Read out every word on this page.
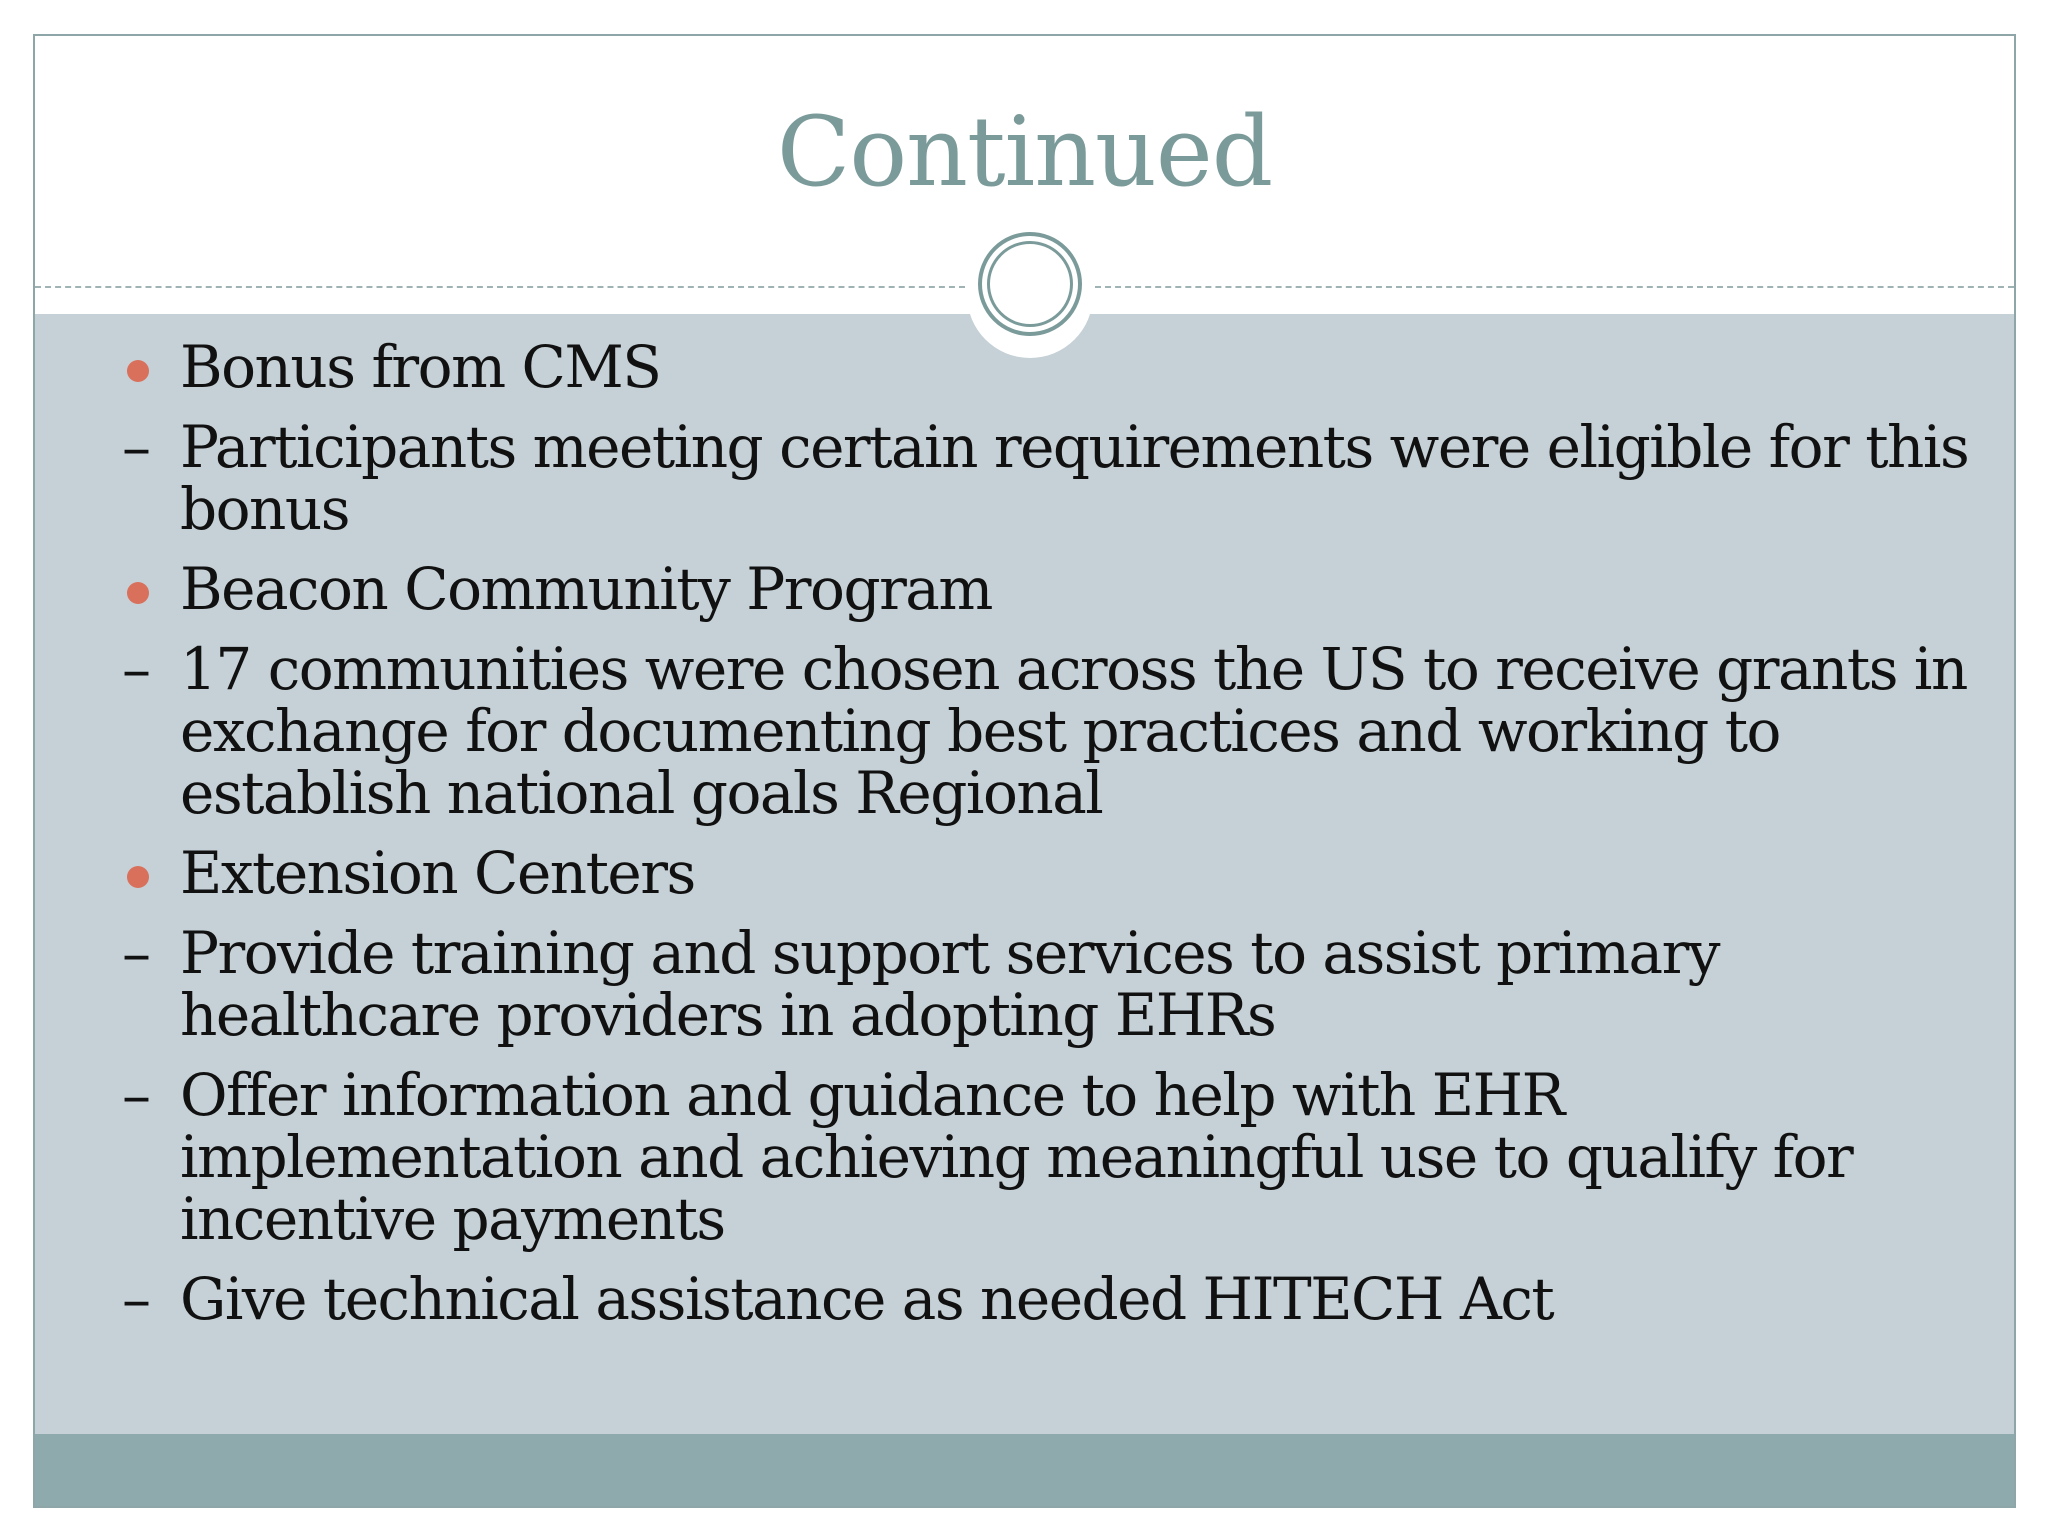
Continued
Bonus from CMS
– Participants meeting certain requirements were eligible for this bonus
Beacon Community Program
– 17 communities were chosen across the US to receive grants in exchange for documenting best practices and working to establish national goals Regional
Extension Centers
– Provide training and support services to assist primary healthcare providers in adopting EHRs
– Offer information and guidance to help with EHR implementation and achieving meaningful use to qualify for incentive payments
– Give technical assistance as needed HITECH Act
